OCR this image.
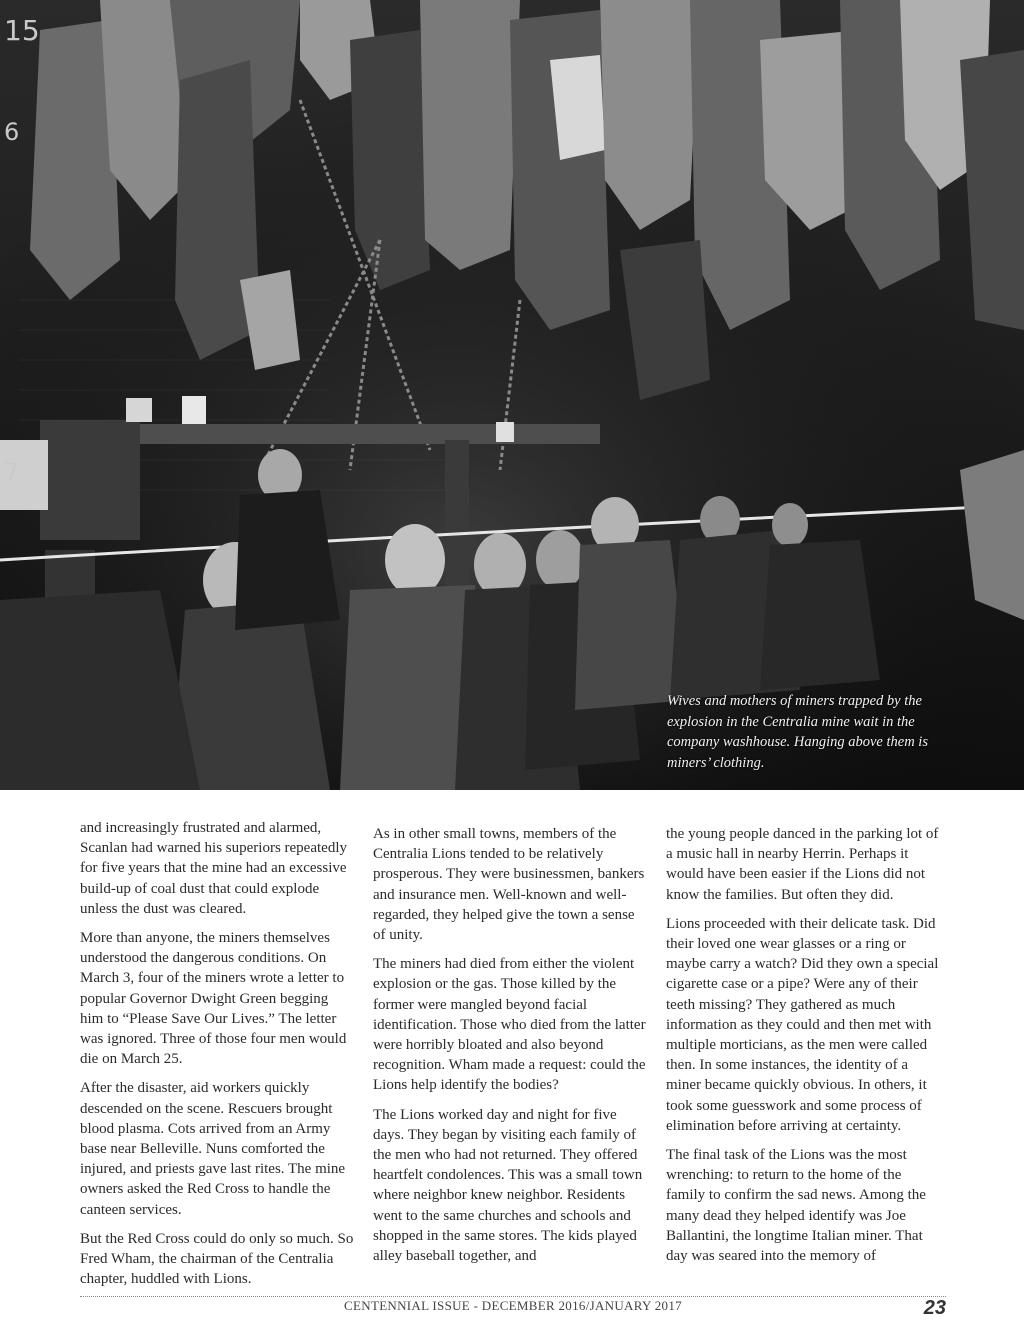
15
6
7
Wives and mothers of miners trapped by the explosion in the Centralia mine wait in the company washhouse. Hanging above them is miners’ clothing.

and increasingly frustrated and alarmed, Scanlan had warned his superiors repeatedly for five years that the mine had an excessive build-up of coal dust that could explode unless the dust was cleared.

More than anyone, the miners themselves understood the dangerous conditions. On March 3, four of the miners wrote a letter to popular Governor Dwight Green begging him to “Please Save Our Lives.” The letter was ignored. Three of those four men would die on March 25.

After the disaster, aid workers quickly descended on the scene. Rescuers brought blood plasma. Cots arrived from an Army base near Belleville. Nuns comforted the injured, and priests gave last rites. The mine owners asked the Red Cross to handle the canteen services.

But the Red Cross could do only so much. So Fred Wham, the chairman of the Centralia chapter, huddled with Lions.

As in other small towns, members of the Centralia Lions tended to be relatively prosperous. They were businessmen, bankers and insurance men. Well-known and well-regarded, they helped give the town a sense of unity.

The miners had died from either the violent explosion or the gas. Those killed by the former were mangled beyond facial identification. Those who died from the latter were horribly bloated and also beyond recognition. Wham made a request: could the Lions help identify the bodies?

The Lions worked day and night for five days. They began by visiting each family of the men who had not returned. They offered heartfelt condolences. This was a small town where neighbor knew neighbor. Residents went to the same churches and schools and shopped in the same stores. The kids played alley baseball together, and

the young people danced in the parking lot of a music hall in nearby Herrin. Perhaps it would have been easier if the Lions did not know the families. But often they did.

Lions proceeded with their delicate task. Did their loved one wear glasses or a ring or maybe carry a watch? Did they own a special cigarette case or a pipe? Were any of their teeth missing? They gathered as much information as they could and then met with multiple morticians, as the men were called then. In some instances, the identity of a miner became quickly obvious. In others, it took some guesswork and some process of elimination before arriving at certainty.

The final task of the Lions was the most wrenching: to return to the home of the family to confirm the sad news. Among the many dead they helped identify was Joe Ballantini, the longtime Italian miner. That day was seared into the memory of

CENTENNIAL ISSUE - DECEMBER 2016/JANUARY 2017	23
